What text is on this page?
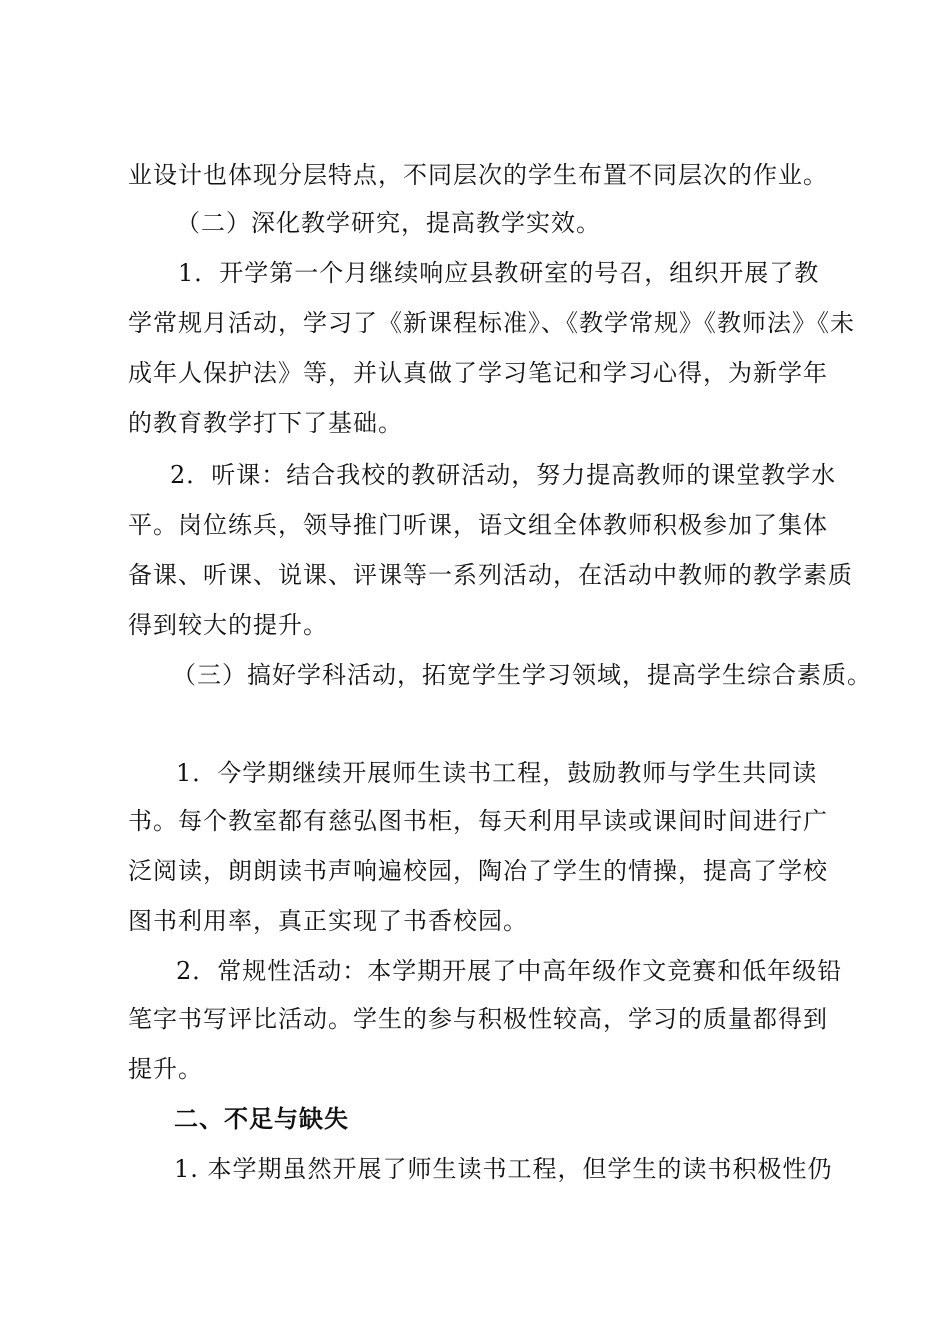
业设计也体现分层特点，不同层次的学生布置不同层次的作业。
（二）深化教学研究，提高教学实效。
1．开学第一个月继续响应县教研室的号召，组织开展了教
学常规月活动，学习了《新课程标准》、《教学常规》《教师法》《未
成年人保护法》等，并认真做了学习笔记和学习心得，为新学年
的教育教学打下了基础。
2．听课：结合我校的教研活动，努力提高教师的课堂教学水
平。岗位练兵，领导推门听课，语文组全体教师积极参加了集体
备课、听课、说课、评课等一系列活动，在活动中教师的教学素质
得到较大的提升。
（三）搞好学科活动，拓宽学生学习领域，提高学生综合素质。
1．今学期继续开展师生读书工程，鼓励教师与学生共同读
书。每个教室都有慈弘图书柜，每天利用早读或课间时间进行广
泛阅读，朗朗读书声响遍校园，陶冶了学生的情操，提高了学校
图书利用率，真正实现了书香校园。
2．常规性活动：本学期开展了中高年级作文竞赛和低年级铅
笔字书写评比活动。学生的参与积极性较高，学习的质量都得到
提升。
二、不足与缺失
1. 本学期虽然开展了师生读书工程，但学生的读书积极性仍
